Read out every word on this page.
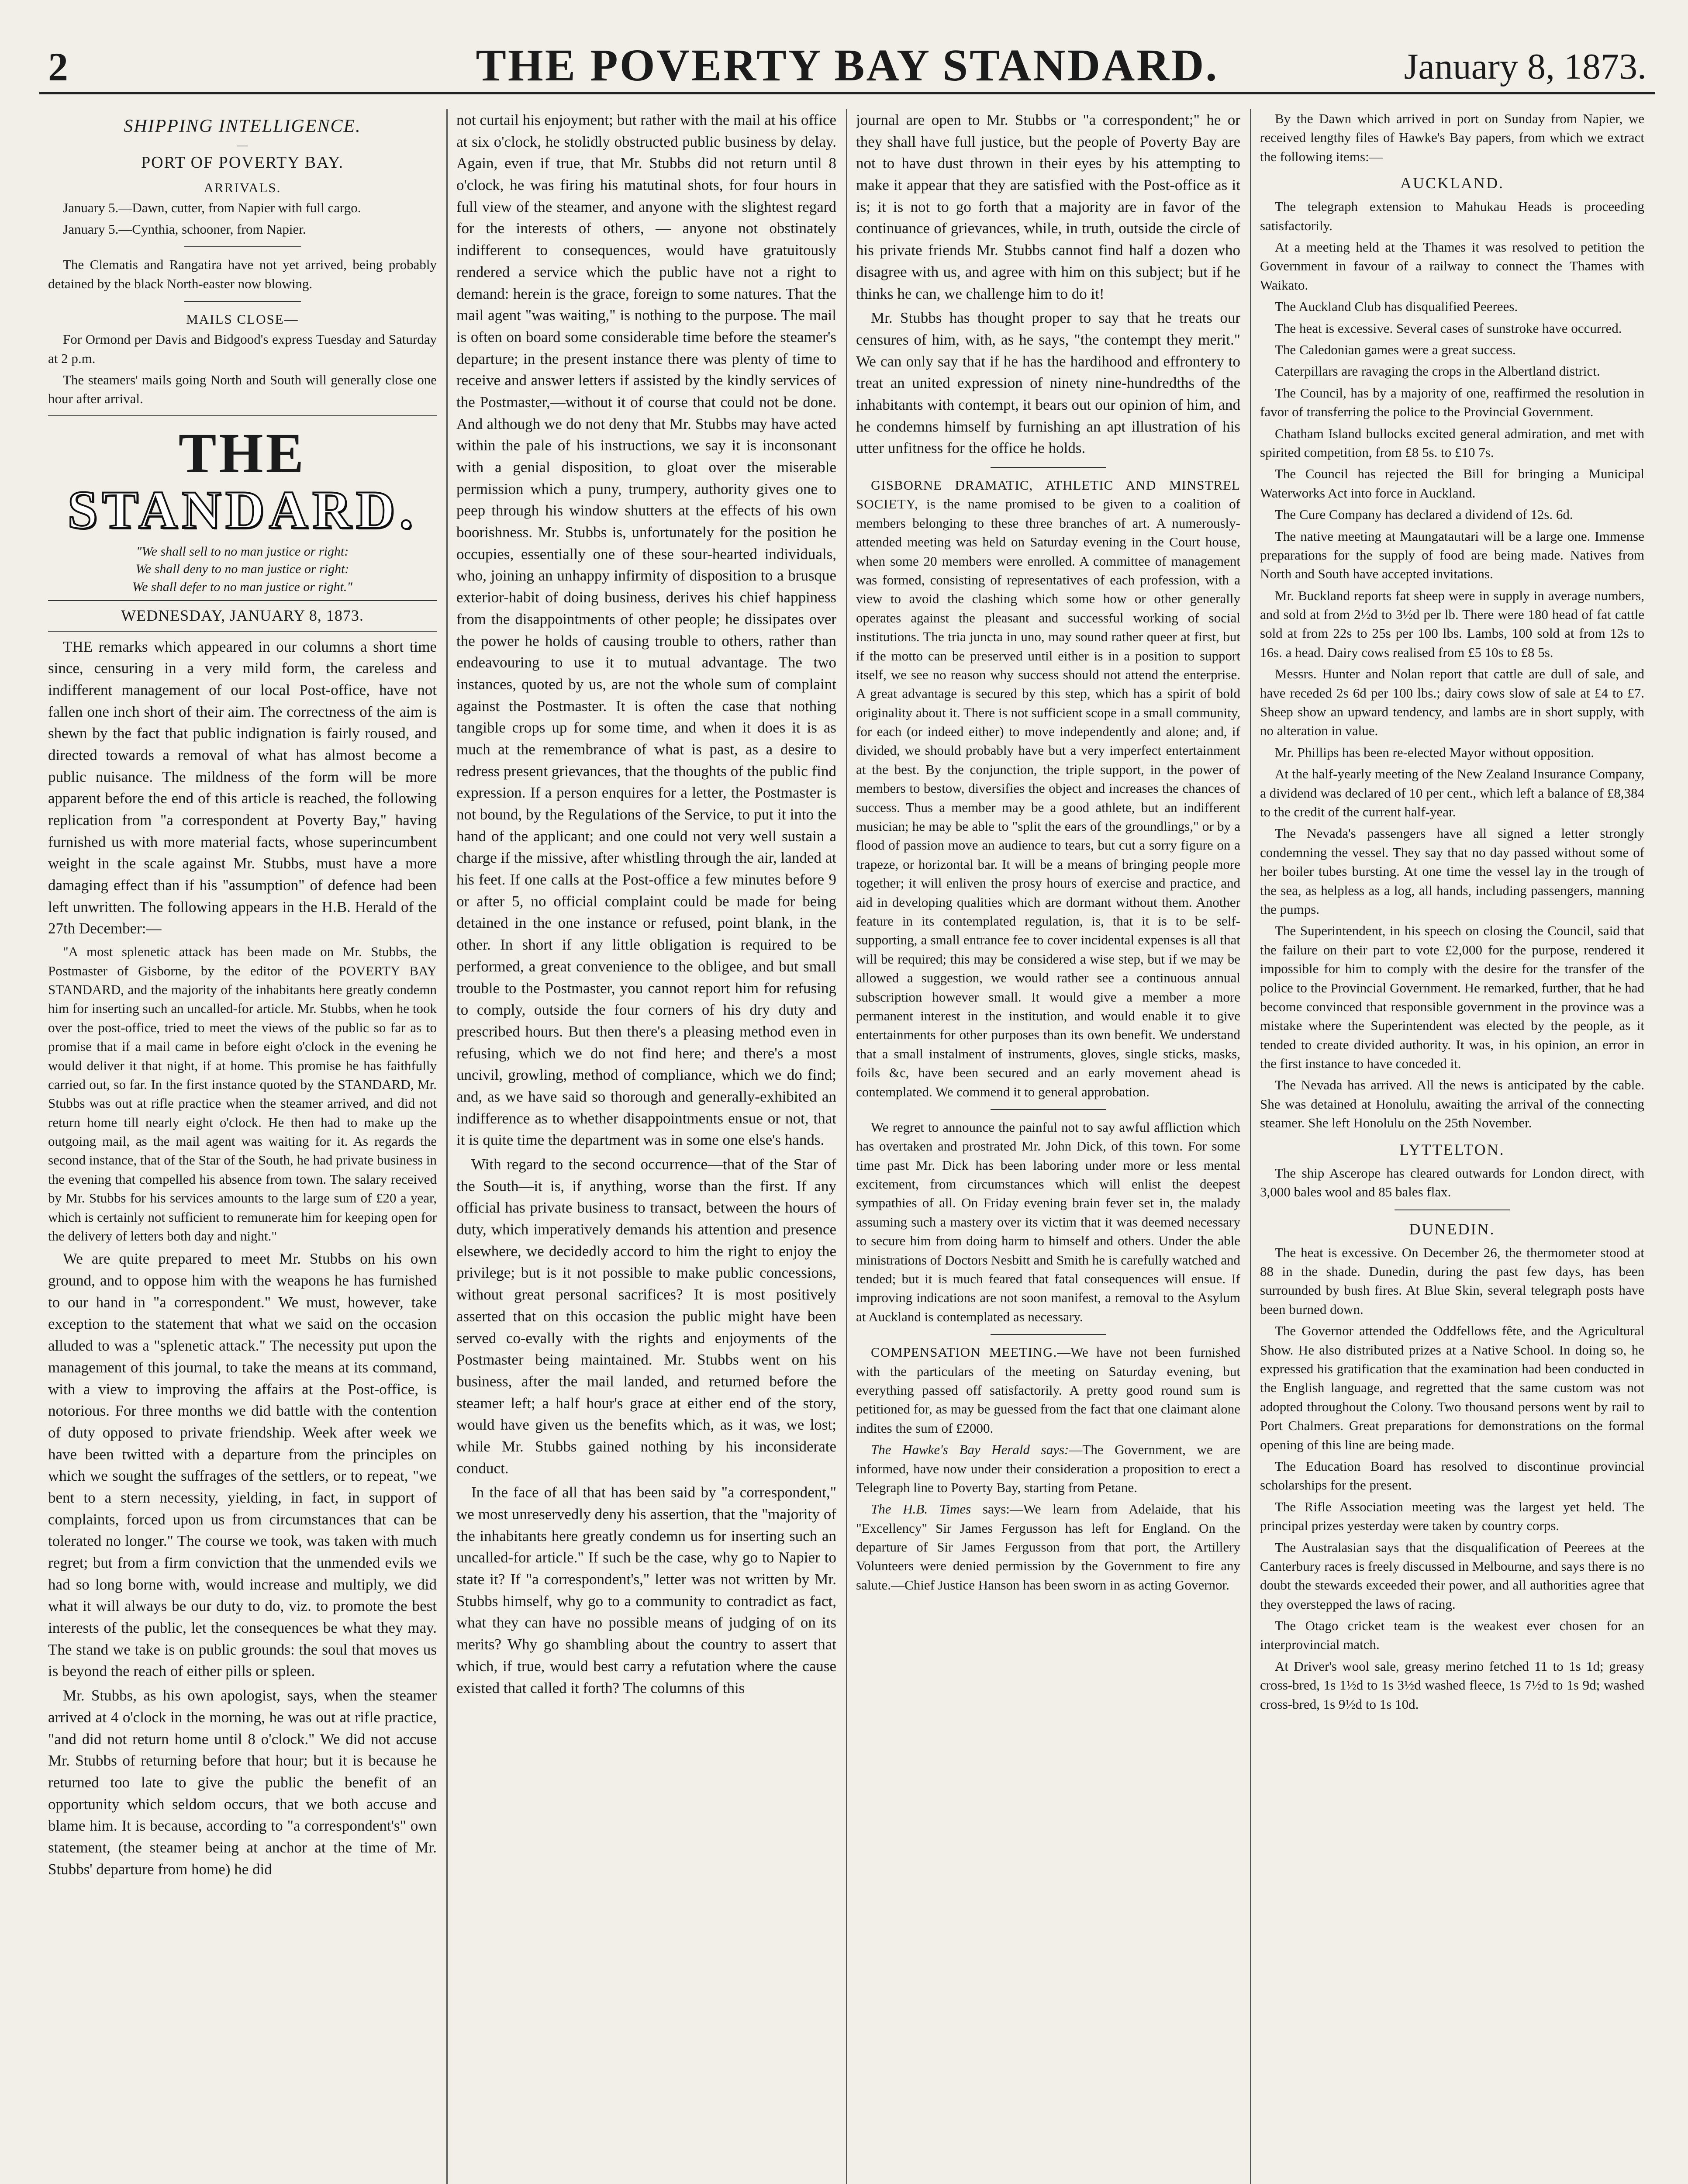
2	THE POVERTY BAY STANDARD.	January 8, 1873.
SHIPPING INTELLIGENCE.
—
PORT OF POVERTY BAY.
ARRIVALS.

January 5.—Dawn, cutter, from Napier with full cargo.

January 5.—Cynthia, schooner, from Napier.

The Clematis and Rangatira have not yet arrived, being probably detained by the black North-easter now blowing.

MAILS CLOSE—

For Ormond per Davis and Bidgood's express Tuesday and Saturday at 2 p.m.

The steamers' mails going North and South will generally close one hour after arrival.

THE
STANDARD.
"We shall sell to no man justice or right:
We shall deny to no man justice or right:
We shall defer to no man justice or right."
WEDNESDAY, JANUARY 8, 1873.

THE remarks which appeared in our columns a short time since, censuring in a very mild form, the careless and indifferent management of our local Post-office, have not fallen one inch short of their aim. The correctness of the aim is shewn by the fact that public indignation is fairly roused, and directed towards a removal of what has almost become a public nuisance. The mildness of the form will be more apparent before the end of this article is reached, the following replication from "a correspondent at Poverty Bay," having furnished us with more material facts, whose superincumbent weight in the scale against Mr. Stubbs, must have a more damaging effect than if his "assumption" of defence had been left unwritten. The following appears in the H.B. Herald of the 27th December:—

"A most splenetic attack has been made on Mr. Stubbs, the Postmaster of Gisborne, by the editor of the POVERTY BAY STANDARD, and the majority of the inhabitants here greatly condemn him for inserting such an uncalled-for article. Mr. Stubbs, when he took over the post-office, tried to meet the views of the public so far as to promise that if a mail came in before eight o'clock in the evening he would deliver it that night, if at home. This promise he has faithfully carried out, so far. In the first instance quoted by the STANDARD, Mr. Stubbs was out at rifle practice when the steamer arrived, and did not return home till nearly eight o'clock. He then had to make up the outgoing mail, as the mail agent was waiting for it. As regards the second instance, that of the Star of the South, he had private business in the evening that compelled his absence from town. The salary received by Mr. Stubbs for his services amounts to the large sum of £20 a year, which is certainly not sufficient to remunerate him for keeping open for the delivery of letters both day and night."

We are quite prepared to meet Mr. Stubbs on his own ground, and to oppose him with the weapons he has furnished to our hand in "a correspondent." We must, however, take exception to the statement that what we said on the occasion alluded to was a "splenetic attack." The necessity put upon the management of this journal, to take the means at its command, with a view to improving the affairs at the Post-office, is notorious. For three months we did battle with the contention of duty opposed to private friendship. Week after week we have been twitted with a departure from the principles on which we sought the suffrages of the settlers, or to repeat, "we bent to a stern necessity, yielding, in fact, in support of complaints, forced upon us from circumstances that can be tolerated no longer." The course we took, was taken with much regret; but from a firm conviction that the unmended evils we had so long borne with, would increase and multiply, we did what it will always be our duty to do, viz. to promote the best interests of the public, let the consequences be what they may. The stand we take is on public grounds: the soul that moves us is beyond the reach of either pills or spleen.

Mr. Stubbs, as his own apologist, says, when the steamer arrived at 4 o'clock in the morning, he was out at rifle practice, "and did not return home until 8 o'clock." We did not accuse Mr. Stubbs of returning before that hour; but it is because he returned too late to give the public the benefit of an opportunity which seldom occurs, that we both accuse and blame him. It is because, according to "a correspondent's" own statement, (the steamer being at anchor at the time of Mr. Stubbs' departure from home) he did

not curtail his enjoyment; but rather with the mail at his office at six o'clock, he stolidly obstructed public business by delay. Again, even if true, that Mr. Stubbs did not return until 8 o'clock, he was firing his matutinal shots, for four hours in full view of the steamer, and anyone with the slightest regard for the interests of others, — anyone not obstinately indifferent to consequences, would have gratuitously rendered a service which the public have not a right to demand: herein is the grace, foreign to some natures. That the mail agent "was waiting," is nothing to the purpose. The mail is often on board some considerable time before the steamer's departure; in the present instance there was plenty of time to receive and answer letters if assisted by the kindly services of the Postmaster,—without it of course that could not be done. And although we do not deny that Mr. Stubbs may have acted within the pale of his instructions, we say it is inconsonant with a genial disposition, to gloat over the miserable permission which a puny, trumpery, authority gives one to peep through his window shutters at the effects of his own boorishness. Mr. Stubbs is, unfortunately for the position he occupies, essentially one of these sour-hearted individuals, who, joining an unhappy infirmity of disposition to a brusque exterior-habit of doing business, derives his chief happiness from the disappointments of other people; he dissipates over the power he holds of causing trouble to others, rather than endeavouring to use it to mutual advantage. The two instances, quoted by us, are not the whole sum of complaint against the Postmaster. It is often the case that nothing tangible crops up for some time, and when it does it is as much at the remembrance of what is past, as a desire to redress present grievances, that the thoughts of the public find expression. If a person enquires for a letter, the Postmaster is not bound, by the Regulations of the Service, to put it into the hand of the applicant; and one could not very well sustain a charge if the missive, after whistling through the air, landed at his feet. If one calls at the Post-office a few minutes before 9 or after 5, no official complaint could be made for being detained in the one instance or refused, point blank, in the other. In short if any little obligation is required to be performed, a great convenience to the obligee, and but small trouble to the Postmaster, you cannot report him for refusing to comply, outside the four corners of his dry duty and prescribed hours. But then there's a pleasing method even in refusing, which we do not find here; and there's a most uncivil, growling, method of compliance, which we do find; and, as we have said so thorough and generally-exhibited an indifference as to whether disappointments ensue or not, that it is quite time the department was in some one else's hands.

With regard to the second occurrence—that of the Star of the South—it is, if anything, worse than the first. If any official has private business to transact, between the hours of duty, which imperatively demands his attention and presence elsewhere, we decidedly accord to him the right to enjoy the privilege; but is it not possible to make public concessions, without great personal sacrifices? It is most positively asserted that on this occasion the public might have been served co-evally with the rights and enjoyments of the Postmaster being maintained. Mr. Stubbs went on his business, after the mail landed, and returned before the steamer left; a half hour's grace at either end of the story, would have given us the benefits which, as it was, we lost; while Mr. Stubbs gained nothing by his inconsiderate conduct.

In the face of all that has been said by "a correspondent," we most unreservedly deny his assertion, that the "majority of the inhabitants here greatly condemn us for inserting such an uncalled-for article." If such be the case, why go to Napier to state it? If "a correspondent's," letter was not written by Mr. Stubbs himself, why go to a community to contradict as fact, what they can have no possible means of judging of on its merits? Why go shambling about the country to assert that which, if true, would best carry a refutation where the cause existed that called it forth? The columns of this

journal are open to Mr. Stubbs or "a correspondent;" he or they shall have full justice, but the people of Poverty Bay are not to have dust thrown in their eyes by his attempting to make it appear that they are satisfied with the Post-office as it is; it is not to go forth that a majority are in favor of the continuance of grievances, while, in truth, outside the circle of his private friends Mr. Stubbs cannot find half a dozen who disagree with us, and agree with him on this subject; but if he thinks he can, we challenge him to do it!

Mr. Stubbs has thought proper to say that he treats our censures of him, with, as he says, "the contempt they merit." We can only say that if he has the hardihood and effrontery to treat an united expression of ninety nine-hundredths of the inhabitants with contempt, it bears out our opinion of him, and he condemns himself by furnishing an apt illustration of his utter unfitness for the office he holds.

GISBORNE DRAMATIC, ATHLETIC AND MINSTREL SOCIETY, is the name promised to be given to a coalition of members belonging to these three branches of art. A numerously-attended meeting was held on Saturday evening in the Court house, when some 20 members were enrolled. A committee of management was formed, consisting of representatives of each profession, with a view to avoid the clashing which some how or other generally operates against the pleasant and successful working of social institutions. The tria juncta in uno, may sound rather queer at first, but if the motto can be preserved until either is in a position to support itself, we see no reason why success should not attend the enterprise. A great advantage is secured by this step, which has a spirit of bold originality about it. There is not sufficient scope in a small community, for each (or indeed either) to move independently and alone; and, if divided, we should probably have but a very imperfect entertainment at the best. By the conjunction, the triple support, in the power of members to bestow, diversifies the object and increases the chances of success. Thus a member may be a good athlete, but an indifferent musician; he may be able to "split the ears of the groundlings," or by a flood of passion move an audience to tears, but cut a sorry figure on a trapeze, or horizontal bar. It will be a means of bringing people more together; it will enliven the prosy hours of exercise and practice, and aid in developing qualities which are dormant without them. Another feature in its contemplated regulation, is, that it is to be self-supporting, a small entrance fee to cover incidental expenses is all that will be required; this may be considered a wise step, but if we may be allowed a suggestion, we would rather see a continuous annual subscription however small. It would give a member a more permanent interest in the institution, and would enable it to give entertainments for other purposes than its own benefit. We understand that a small instalment of instruments, gloves, single sticks, masks, foils &c, have been secured and an early movement ahead is contemplated. We commend it to general approbation.

We regret to announce the painful not to say awful affliction which has overtaken and prostrated Mr. John Dick, of this town. For some time past Mr. Dick has been laboring under more or less mental excitement, from circumstances which will enlist the deepest sympathies of all. On Friday evening brain fever set in, the malady assuming such a mastery over its victim that it was deemed necessary to secure him from doing harm to himself and others. Under the able ministrations of Doctors Nesbitt and Smith he is carefully watched and tended; but it is much feared that fatal consequences will ensue. If improving indications are not soon manifest, a removal to the Asylum at Auckland is contemplated as necessary.

COMPENSATION MEETING.—We have not been furnished with the particulars of the meeting on Saturday evening, but everything passed off satisfactorily. A pretty good round sum is petitioned for, as may be guessed from the fact that one claimant alone indites the sum of £2000.

The Hawke's Bay Herald says:—The Government, we are informed, have now under their consideration a proposition to erect a Telegraph line to Poverty Bay, starting from Petane.

The H.B. Times says:—We learn from Adelaide, that his "Excellency" Sir James Fergusson has left for England. On the departure of Sir James Fergusson from that port, the Artillery Volunteers were denied permission by the Government to fire any salute.—Chief Justice Hanson has been sworn in as acting Governor.

By the Dawn which arrived in port on Sunday from Napier, we received lengthy files of Hawke's Bay papers, from which we extract the following items:—

AUCKLAND.

The telegraph extension to Mahukau Heads is proceeding satisfactorily.

At a meeting held at the Thames it was resolved to petition the Government in favour of a railway to connect the Thames with Waikato.

The Auckland Club has disqualified Peerees.

The heat is excessive. Several cases of sunstroke have occurred.

The Caledonian games were a great success.

Caterpillars are ravaging the crops in the Albertland district.

The Council, has by a majority of one, reaffirmed the resolution in favor of transferring the police to the Provincial Government.

Chatham Island bullocks excited general admiration, and met with spirited competition, from £8 5s. to £10 7s.

The Council has rejected the Bill for bringing a Municipal Waterworks Act into force in Auckland.

The Cure Company has declared a dividend of 12s. 6d.

The native meeting at Maungatautari will be a large one. Immense preparations for the supply of food are being made. Natives from North and South have accepted invitations.

Mr. Buckland reports fat sheep were in supply in average numbers, and sold at from 2½d to 3½d per lb. There were 180 head of fat cattle sold at from 22s to 25s per 100 lbs. Lambs, 100 sold at from 12s to 16s. a head. Dairy cows realised from £5 10s to £8 5s.

Messrs. Hunter and Nolan report that cattle are dull of sale, and have receded 2s 6d per 100 lbs.; dairy cows slow of sale at £4 to £7. Sheep show an upward tendency, and lambs are in short supply, with no alteration in value.

Mr. Phillips has been re-elected Mayor without opposition.

At the half-yearly meeting of the New Zealand Insurance Company, a dividend was declared of 10 per cent., which left a balance of £8,384 to the credit of the current half-year.

The Nevada's passengers have all signed a letter strongly condemning the vessel. They say that no day passed without some of her boiler tubes bursting. At one time the vessel lay in the trough of the sea, as helpless as a log, all hands, including passengers, manning the pumps.

The Superintendent, in his speech on closing the Council, said that the failure on their part to vote £2,000 for the purpose, rendered it impossible for him to comply with the desire for the transfer of the police to the Provincial Government. He remarked, further, that he had become convinced that responsible government in the province was a mistake where the Superintendent was elected by the people, as it tended to create divided authority. It was, in his opinion, an error in the first instance to have conceded it.

The Nevada has arrived. All the news is anticipated by the cable. She was detained at Honolulu, awaiting the arrival of the connecting steamer. She left Honolulu on the 25th November.

LYTTELTON.

The ship Ascerope has cleared outwards for London direct, with 3,000 bales wool and 85 bales flax.

DUNEDIN.

The heat is excessive. On December 26, the thermometer stood at 88 in the shade. Dunedin, during the past few days, has been surrounded by bush fires. At Blue Skin, several telegraph posts have been burned down.

The Governor attended the Oddfellows fête, and the Agricultural Show. He also distributed prizes at a Native School. In doing so, he expressed his gratification that the examination had been conducted in the English language, and regretted that the same custom was not adopted throughout the Colony. Two thousand persons went by rail to Port Chalmers. Great preparations for demonstrations on the formal opening of this line are being made.

The Education Board has resolved to discontinue provincial scholarships for the present.

The Rifle Association meeting was the largest yet held. The principal prizes yesterday were taken by country corps.

The Australasian says that the disqualification of Peerees at the Canterbury races is freely discussed in Melbourne, and says there is no doubt the stewards exceeded their power, and all authorities agree that they overstepped the laws of racing.

The Otago cricket team is the weakest ever chosen for an interprovincial match.

At Driver's wool sale, greasy merino fetched 11 to 1s 1d; greasy cross-bred, 1s 1½d to 1s 3½d washed fleece, 1s 7½d to 1s 9d; washed cross-bred, 1s 9½d to 1s 10d.
